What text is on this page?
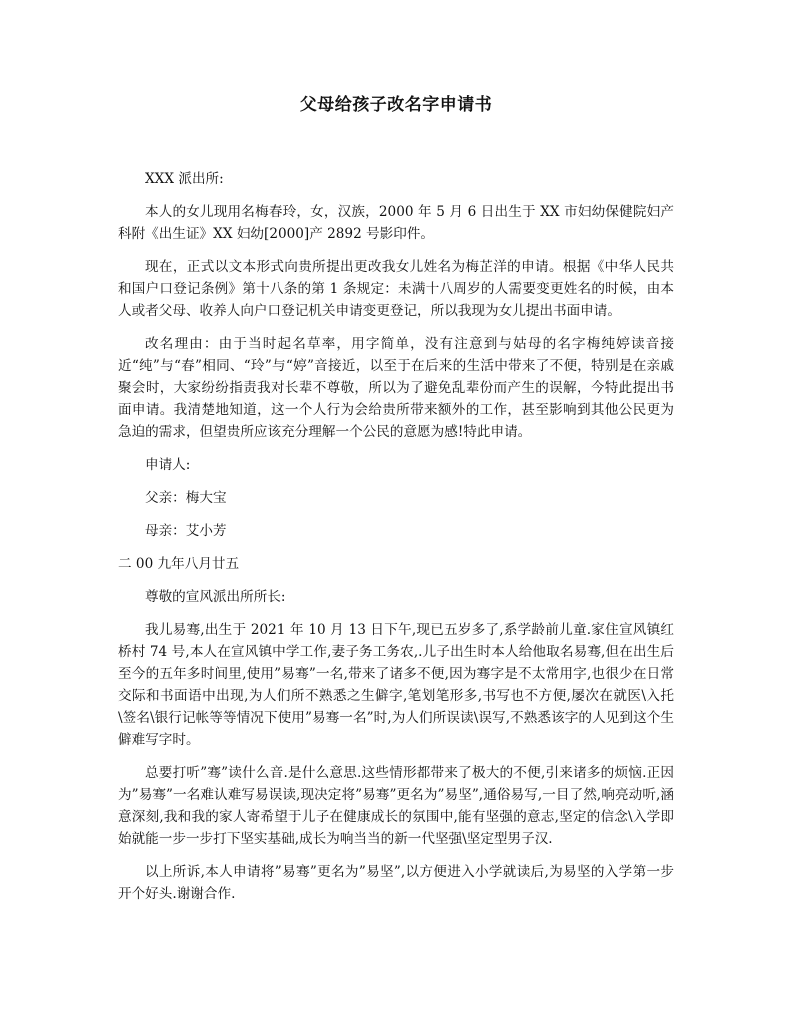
父母给孩子改名字申请书

XXX 派出所:

本人的女儿现用名梅春玲，女，汉族，2000 年 5 月 6 日出生于 XX 市妇幼保健院妇产科附《出生证》XX 妇幼[2000]产 2892 号影印件。

现在，正式以文本形式向贵所提出更改我女儿姓名为梅芷洋的申请。根据《中华人民共和国户口登记条例》第十八条的第 1 条规定：未满十八周岁的人需要变更姓名的时候，由本人或者父母、收养人向户口登记机关申请变更登记，所以我现为女儿提出书面申请。

改名理由：由于当时起名草率，用字简单，没有注意到与姑母的名字梅纯婷读音接近“纯”与“春”相同、“玲”与“婷”音接近，以至于在后来的生活中带来了不便，特别是在亲戚聚会时，大家纷纷指责我对长辈不尊敬，所以为了避免乱辈份而产生的误解，今特此提出书面申请。我清楚地知道，这一个人行为会给贵所带来额外的工作，甚至影响到其他公民更为急迫的需求，但望贵所应该充分理解一个公民的意愿为感!特此申请。

申请人:

父亲：梅大宝

母亲：艾小芳

二 00 九年八月廿五

尊敬的宣风派出所所长:

我儿易骞,出生于 2021 年 10 月 13 日下午,现已五岁多了,系学龄前儿童.家住宣风镇红桥村 74 号,本人在宣风镇中学工作,妻子务工务农,.儿子出生时本人给他取名易骞,但在出生后至今的五年多时间里,使用”易骞”一名,带来了诸多不便,因为骞字是不太常用字,也很少在日常交际和书面语中出现,为人们所不熟悉之生僻字,笔划笔形多,书写也不方便,屡次在就医\入托\签名\银行记帐等等情况下使用”易骞一名”时,为人们所误读\误写,不熟悉该字的人见到这个生僻难写字时。

总要打听”骞”读什么音.是什么意思.这些情形都带来了极大的不便,引来诸多的烦恼.正因为”易骞”一名难认难写易误读,现决定将”易骞”更名为”易坚”,通俗易写,一目了然,响亮动听,涵意深刻,我和我的家人寄希望于儿子在健康成长的氛围中,能有坚强的意志,坚定的信念\入学即始就能一步一步打下坚实基础,成长为响当当的新一代坚强\坚定型男子汉.

以上所诉,本人申请将”易骞”更名为”易坚”,以方便进入小学就读后,为易坚的入学第一步开个好头.谢谢合作.
